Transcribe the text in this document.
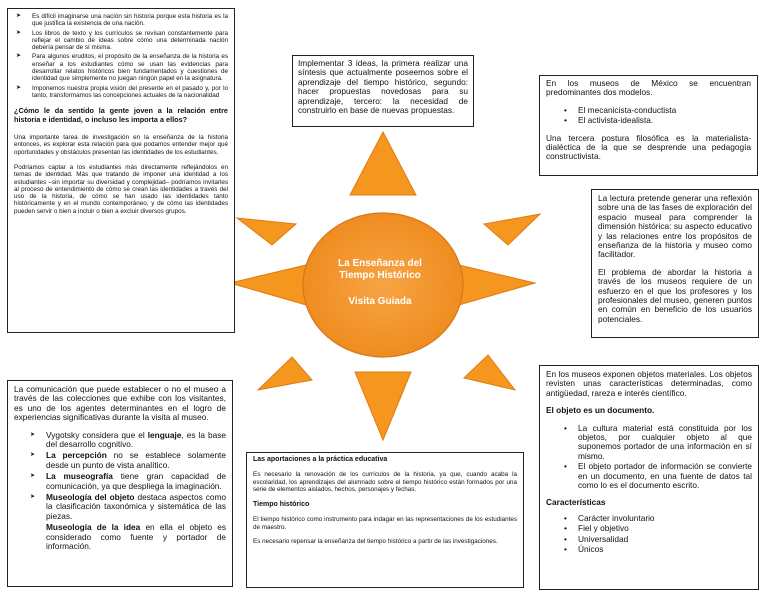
La Enseñanza del
Tiempo Histórico
Visita Guiada
➤ Es difícil imaginarse una nación sin historia porque esta historia es la que justifica la existencia de una nación.
➤ Los libros de texto y los currículos se revisan constantemente para reflejar el cambio de ideas sobre cómo una determinada nación debería pensar de sí misma.
➤ Para algunos eruditos, el propósito de la enseñanza de la historia es enseñar a los estudiantes cómo se usan las evidencias para desarrollar relatos históricos bien fundamentados y cuestiones de identidad que simplemente no juegan ningún papel en la asignatura.
➤ Imponemos nuestra propia visión del presente en el pasado y, por lo tanto, transformamos las concepciones actuales de la nacionalidad

¿Cómo le da sentido la gente joven a la relación entre historia e identidad, o incluso les importa a ellos?

Una importante tarea de investigación en la enseñanza de la historia entonces, es explorar esta relación para que podamos entender mejor qué oportunidades y obstáculos presentan las identidades de los estudiantes.

Podríamos captar a los estudiantes más directamente reflejándolos en temas de identidad. Más que tratando de imponer una identidad a los estudiantes –sin importar su diversidad y complejidad– podríamos invitarles al proceso de entendimiento de cómo se crean las identidades a través del uso de la historia, de cómo se han usado las identidades tanto históricamente y en el mundo contemporáneo, y de cómo las identidades pueden servir o bien a incluir o bien a excluir diversos grupos.

Implementar 3 ideas, la primera realizar una síntesis que actualmente poseemos sobre el aprendizaje del tiempo histórico, segundo: hacer propuestas novedosas para su aprendizaje, tercero: la necesidad de construirlo en base de nuevas propuestas.

En los museos de México se encuentran predominantes dos modelos.

• El mecanicista-conductista
• El activista-idealista.

Una tercera postura filosófica es la materialista-dialéctica de la que se desprende una pedagogía constructivista.

La lectura pretende generar una reflexión sobre una de las fases de exploración del espacio museal para comprender la dimensión histórica: su aspecto educativo y las relaciones entre los propósitos de enseñanza de la historia y museo como facilitador.

El problema de abordar la historia a través de los museos requiere de un esfuerzo en el que los profesores y los profesionales del museo, generen puntos en común en beneficio de los usuarios potenciales.

La comunicación que puede establecer o no el museo a través de las colecciones que exhibe con los visitantes, es uno de los agentes determinantes en el logro de experiencias significativas durante la visita al museo.

➤ Vygotsky considera que el lenguaje, es la base del desarrollo cognitivo.
➤ La percepción no se establece solamente desde un punto de vista analítico.
➤ La museografía tiene gran capacidad de comunicación, ya que despliega la imaginación.
➤ Museología del objeto destaca aspectos como la clasificación taxonómica y sistemática de las piezas.
Museología de la idea en ella el objeto es considerado como fuente y portador de información.

Las aportaciones a la práctica educativa

Es necesario la renovación de los currículos de la historia, ya que, cuando acaba la escolaridad, los aprendizajes del alumnado sobre el tiempo histórico están formados por una serie de elementos aislados, hechos, personajes y fechas.

Tiempo histórico

El tiempo histórico como instrumento para indagar en las representaciones de los estudiantes de maestro.

Es necesario repensar la enseñanza del tiempo histórico a partir de las investigaciones.

En los museos exponen objetos materiales. Los objetos revisten unas características determinadas, como antigüedad, rareza e interés científico.

El objeto es un documento.

• La cultura material está constituida por los objetos, por cualquier objeto al que suponemos portador de una información en sí mismo.
• El objeto portador de información se convierte en un documento, en una fuente de datos tal como lo es el documento escrito.

Características

• Carácter involuntario
• Fiel y objetivo
• Universalidad
• Únicos
